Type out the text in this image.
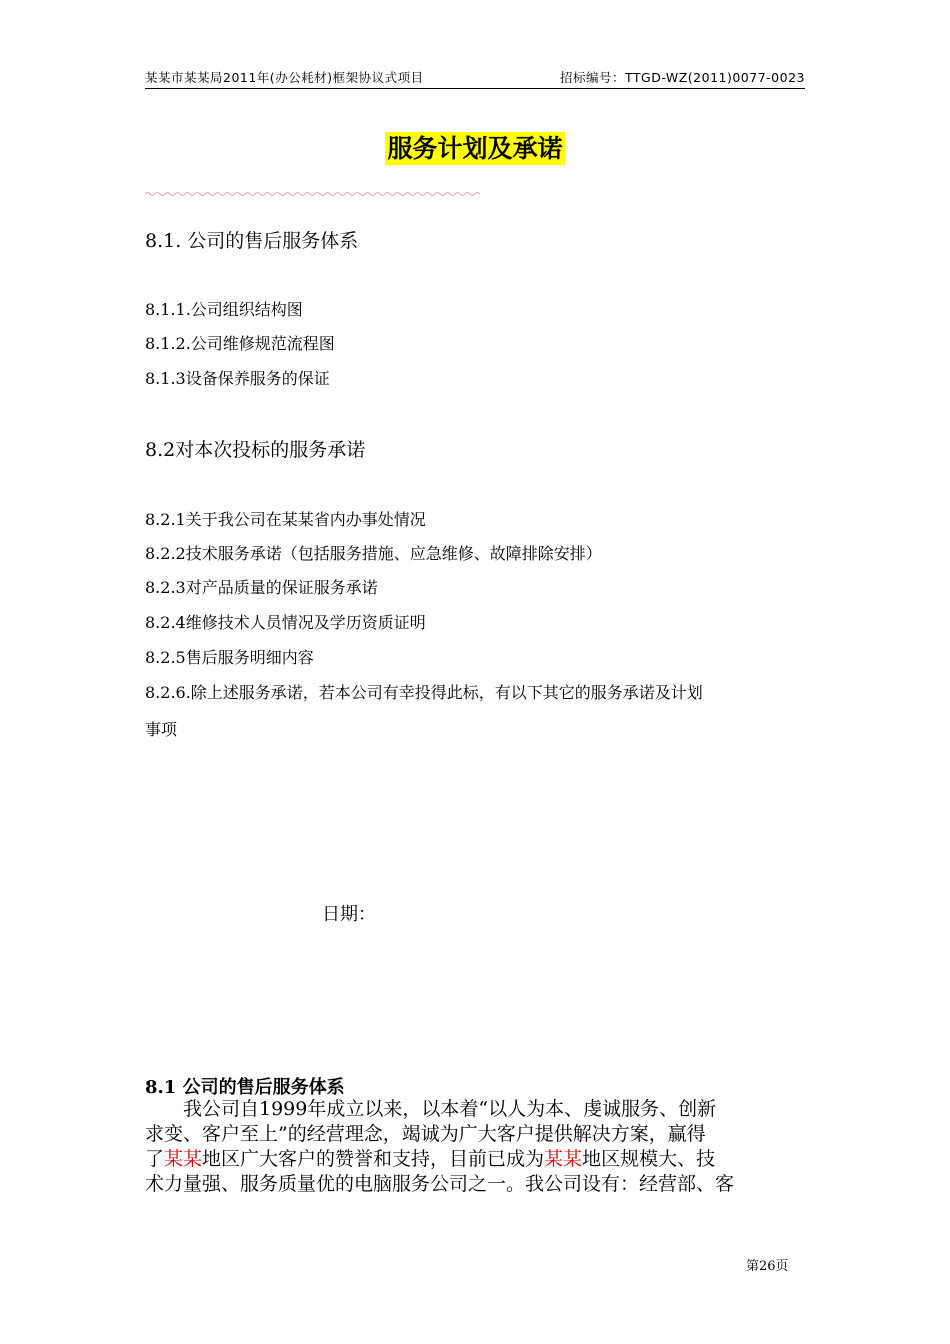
某某市某某局2011年(办公耗材)框架协议式项目	招标编号：TTGD-WZ(2011)0077-0023
服务计划及承诺
8.1. 公司的售后服务体系
8.1.1.公司组织结构图
8.1.2.公司维修规范流程图
8.1.3设备保养服务的保证
8.2对本次投标的服务承诺
8.2.1关于我公司在某某省内办事处情况
8.2.2技术服务承诺（包括服务措施、应急维修、故障排除安排）
8.2.3对产品质量的保证服务承诺
8.2.4维修技术人员情况及学历资质证明
8.2.5售后服务明细内容
8.2.6.除上述服务承诺，若本公司有幸投得此标，有以下其它的服务承诺及计划
事项
日期：
8.1 公司的售后服务体系

我公司自1999年成立以来，以本着“以人为本、虔诚服务、创新
求变、客户至上”的经营理念，竭诚为广大客户提供解决方案，赢得
了某某地区广大客户的赞誉和支持，目前已成为某某地区规模大、技
术力量强、服务质量优的电脑服务公司之一。我公司设有：经营部、客

第26页
